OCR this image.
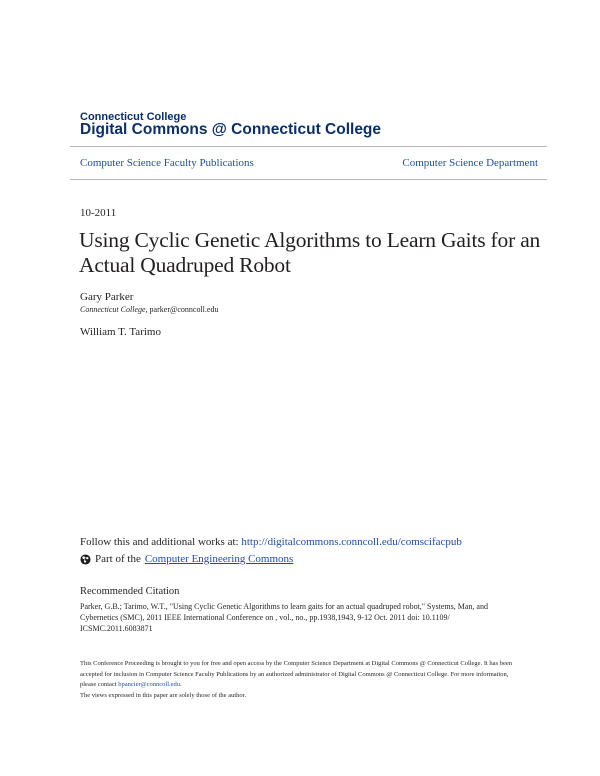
Connecticut College
Digital Commons @ Connecticut College
Computer Science Faculty Publications	Computer Science Department
10-2011
Using Cyclic Genetic Algorithms to Learn Gaits for an Actual Quadruped Robot
Gary Parker
Connecticut College, parker@conncoll.edu
William T. Tarimo
Follow this and additional works at: http://digitalcommons.conncoll.edu/comscifacpub
Part of the Computer Engineering Commons
Recommended Citation
Parker, G.B.; Tarimo, W.T., "Using Cyclic Genetic Algorithms to learn gaits for an actual quadruped robot," Systems, Man, and Cybernetics (SMC), 2011 IEEE International Conference on , vol., no., pp.1938,1943, 9-12 Oct. 2011 doi: 10.1109/ ICSMC.2011.6083871
This Conference Proceeding is brought to you for free and open access by the Computer Science Department at Digital Commons @ Connecticut College. It has been accepted for inclusion in Computer Science Faculty Publications by an authorized administrator of Digital Commons @ Connecticut College. For more information, please contact bpancier@conncoll.edu.
The views expressed in this paper are solely those of the author.
